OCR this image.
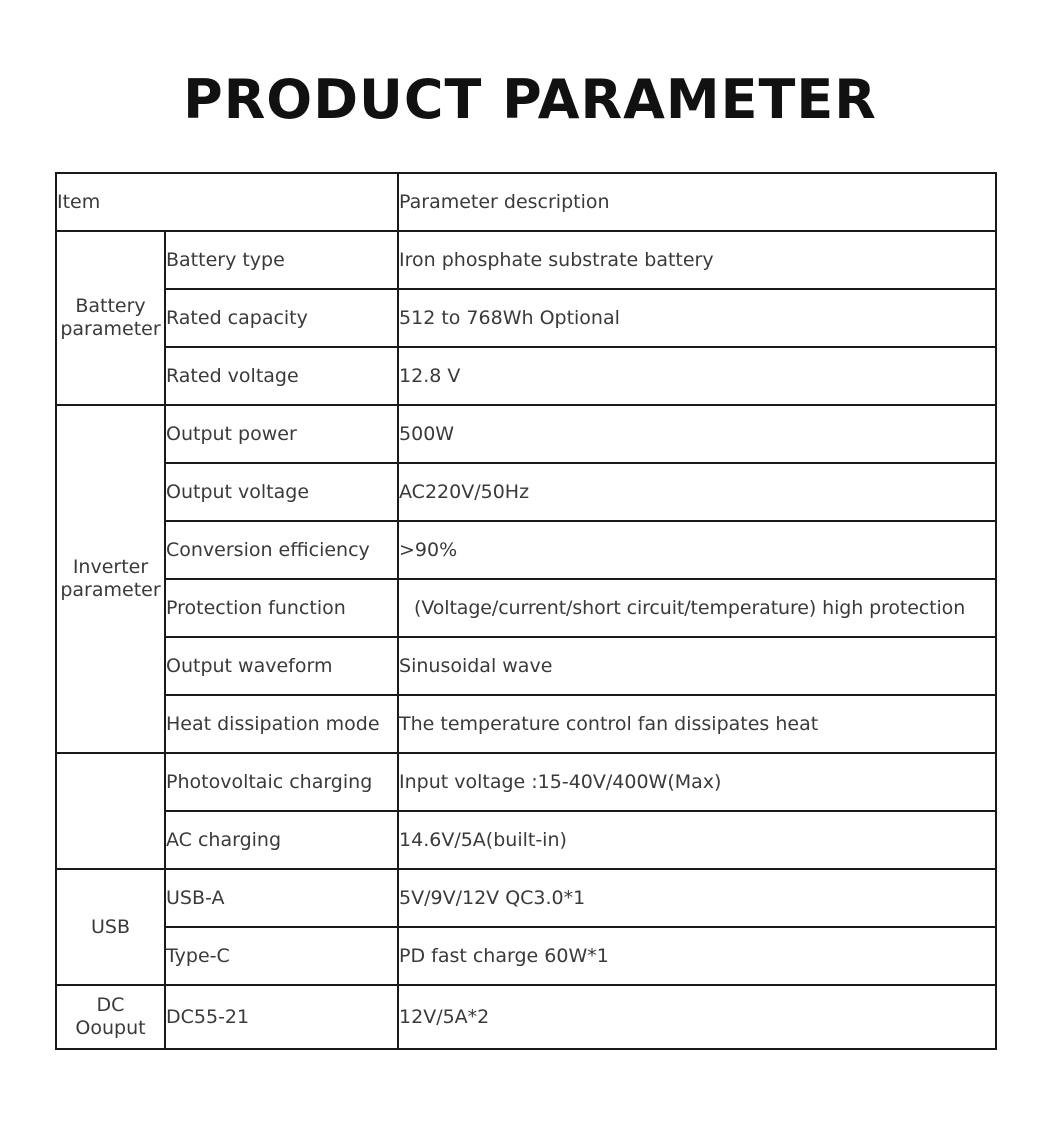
PRODUCT PARAMETER
Item		Parameter description
Battery
parameter	Battery type	Iron phosphate substrate battery
	Rated capacity	512 to 768Wh Optional
	Rated voltage	12.8 V
Inverter
parameter	Output power	500W
	Output voltage	AC220V/50Hz
	Conversion efficiency	>90%
	Protection function	(Voltage/current/short circuit/temperature) high protection
	Output waveform	Sinusoidal wave
	Heat dissipation mode	The temperature control fan dissipates heat
	Photovoltaic charging	Input voltage :15-40V/400W(Max)
	AC charging	14.6V/5A(built-in)
USB	USB-A	5V/9V/12V QC3.0*1
	Type-C	PD fast charge 60W*1
DC
Oouput	DC55-21	12V/5A*2
